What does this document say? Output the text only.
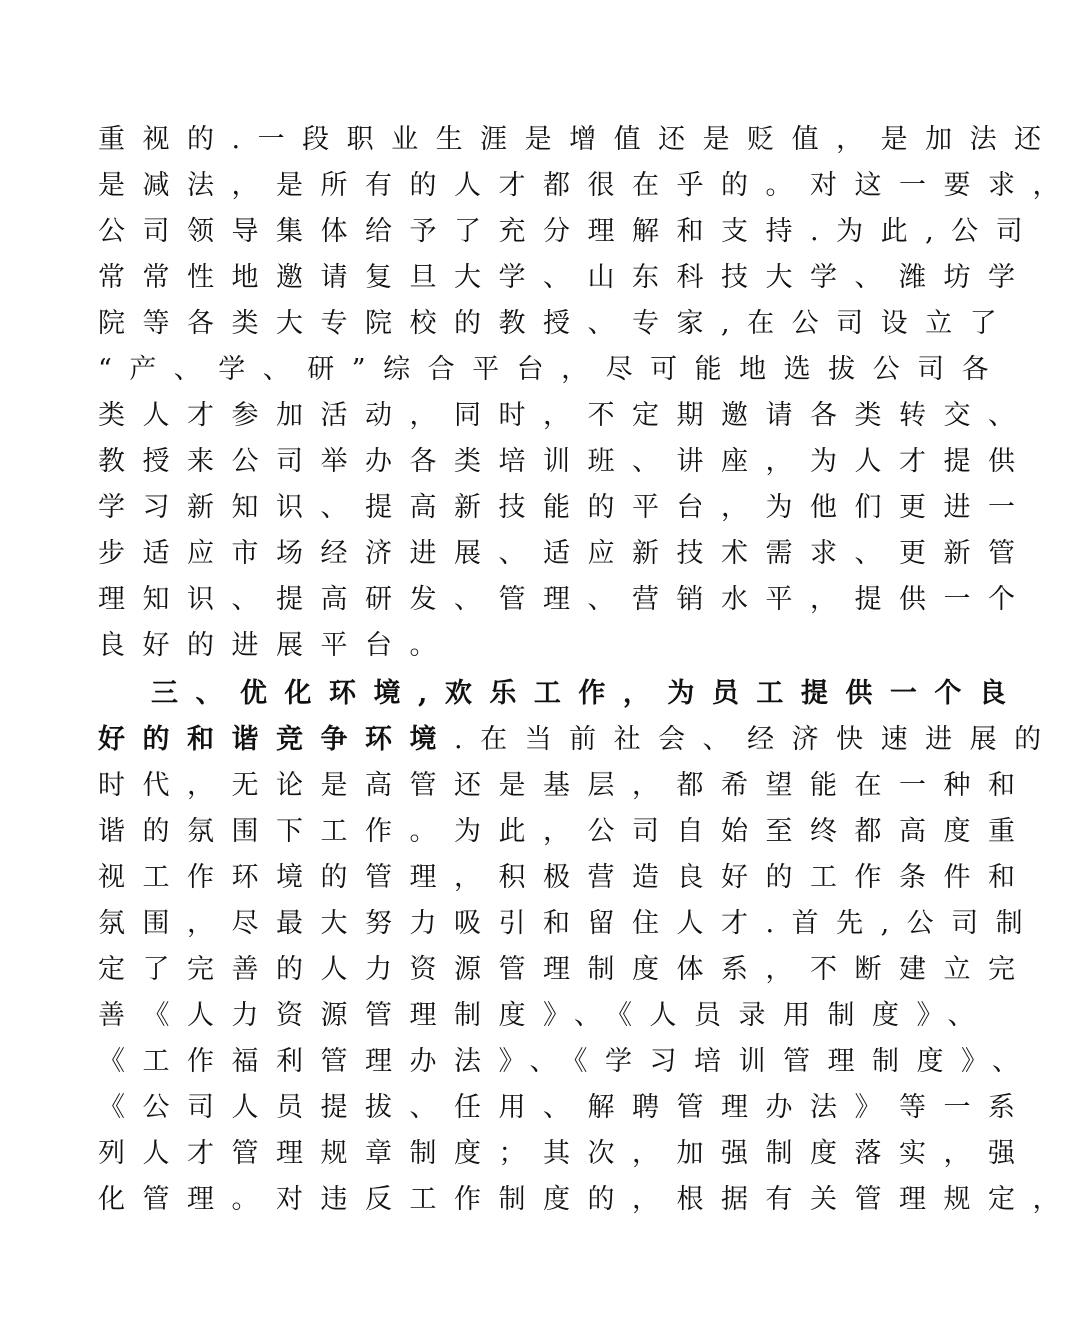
重视的.一段职业生涯是增值还是贬值，是加法还
是减法，是所有的人才都很在乎的。对这一要求，
公司领导集体给予了充分理解和支持.为此,公司
常常性地邀请复旦大学、山东科技大学、潍坊学
院等各类大专院校的教授、专家,在公司设立了
“产、学、研”综合平台，尽可能地选拔公司各
类人才参加活动，同时，不定期邀请各类转交、
教授来公司举办各类培训班、讲座，为人才提供
学习新知识、提高新技能的平台，为他们更进一
步适应市场经济进展、适应新技术需求、更新管
理知识、提高研发、管理、营销水平，提供一个
良好的进展平台。
三、优化环境,欢乐工作，为员工提供一个良
好的和谐竞争环境.在当前社会、经济快速进展的
时代，无论是高管还是基层，都希望能在一种和
谐的氛围下工作。为此，公司自始至终都高度重
视工作环境的管理，积极营造良好的工作条件和
氛围，尽最大努力吸引和留住人才.首先,公司制
定了完善的人力资源管理制度体系，不断建立完
善《人力资源管理制度》、《人员录用制度》、
《工作福利管理办法》、《学习培训管理制度》、
《公司人员提拔、任用、解聘管理办法》等一系
列人才管理规章制度；其次，加强制度落实，强
化管理。对违反工作制度的，根据有关管理规定，
